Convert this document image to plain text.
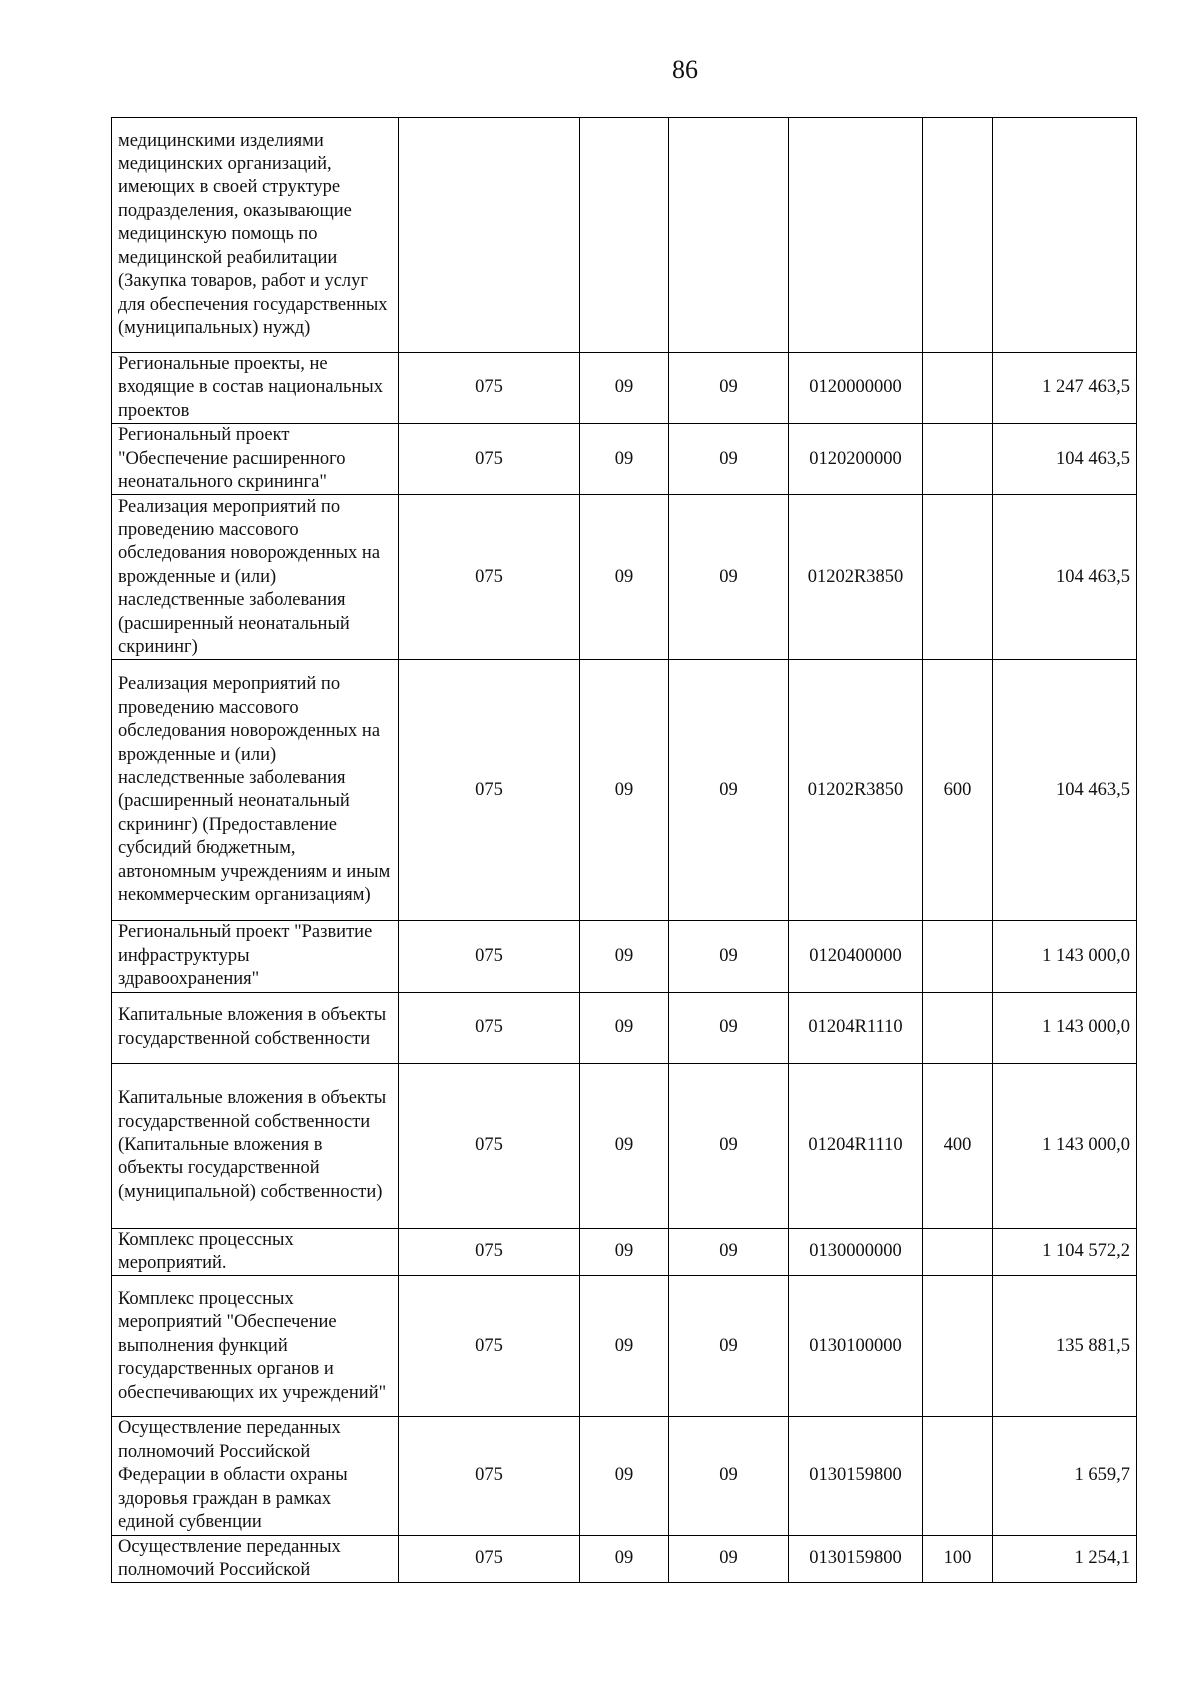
86
медицинскими изделиями медицинских организаций, имеющих в своей структуре подразделения, оказывающие медицинскую помощь по медицинской реабилитации (Закупка товаров, работ и услуг для обеспечения государственных (муниципальных) нужд)						
Региональные проекты, не входящие в состав национальных проектов	075	09	09	0120000000		1 247 463,5
Региональный проект "Обеспечение расширенного неонатального скрининга"	075	09	09	0120200000		104 463,5
Реализация мероприятий по проведению массового обследования новорожденных на врожденные и (или) наследственные заболевания (расширенный неонатальный скрининг)	075	09	09	01202R3850		104 463,5
Реализация мероприятий по проведению массового обследования новорожденных на врожденные и (или) наследственные заболевания (расширенный неонатальный скрининг) (Предоставление субсидий бюджетным, автономным учреждениям и иным некоммерческим организациям)	075	09	09	01202R3850	600	104 463,5
Региональный проект "Развитие инфраструктуры здравоохранения"	075	09	09	0120400000		1 143 000,0
Капитальные вложения в объекты государственной собственности	075	09	09	01204R1110		1 143 000,0
Капитальные вложения в объекты государственной собственности (Капитальные вложения в объекты государственной (муниципальной) собственности)	075	09	09	01204R1110	400	1 143 000,0
Комплекс процессных мероприятий.	075	09	09	0130000000		1 104 572,2
Комплекс процессных мероприятий "Обеспечение выполнения функций государственных органов и обеспечивающих их учреждений"	075	09	09	0130100000		135 881,5
Осуществление переданных полномочий Российской Федерации в области охраны здоровья граждан в рамках единой субвенции	075	09	09	0130159800		1 659,7
Осуществление переданных полномочий Российской	075	09	09	0130159800	100	1 254,1
